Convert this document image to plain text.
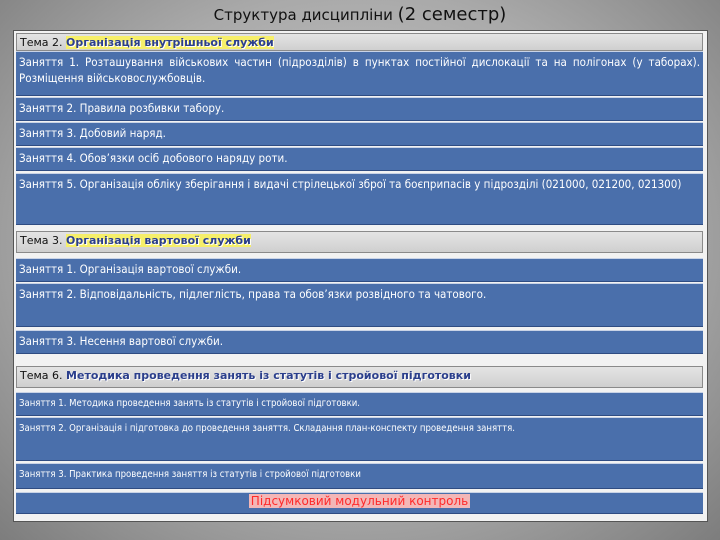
Структура дисципліни (2 семестр)
Тема 2. Організація внутрішньої служби
Заняття 1. Розташування військових частин (підрозділів) в пунктах постійної дислокації та на полігонах (у таборах). Розміщення військовослужбовців.
Заняття 2. Правила розбивки табору.
Заняття 3. Добовий наряд.
Заняття 4. Обов’язки осіб добового наряду роти.
Заняття 5. Організація обліку зберігання і видачі стрілецької зброї та боєприпасів у підрозділі (021000, 021200, 021300)
Тема 3. Організація вартової служби
Заняття 1. Організація вартової служби.
Заняття 2. Відповідальність, підлеглість, права та обов’язки розвідного та чатового.
Заняття 3. Несення вартової служби.
Тема 6. Методика проведення занять із статутів і стройової підготовки
Заняття 1. Методика проведення занять із статутів і стройової підготовки.
Заняття 2. Організація і підготовка до проведення заняття. Складання план-конспекту проведення заняття.
Заняття 3. Практика проведення заняття із статутів і стройової підготовки
Підсумковий модульний контроль
